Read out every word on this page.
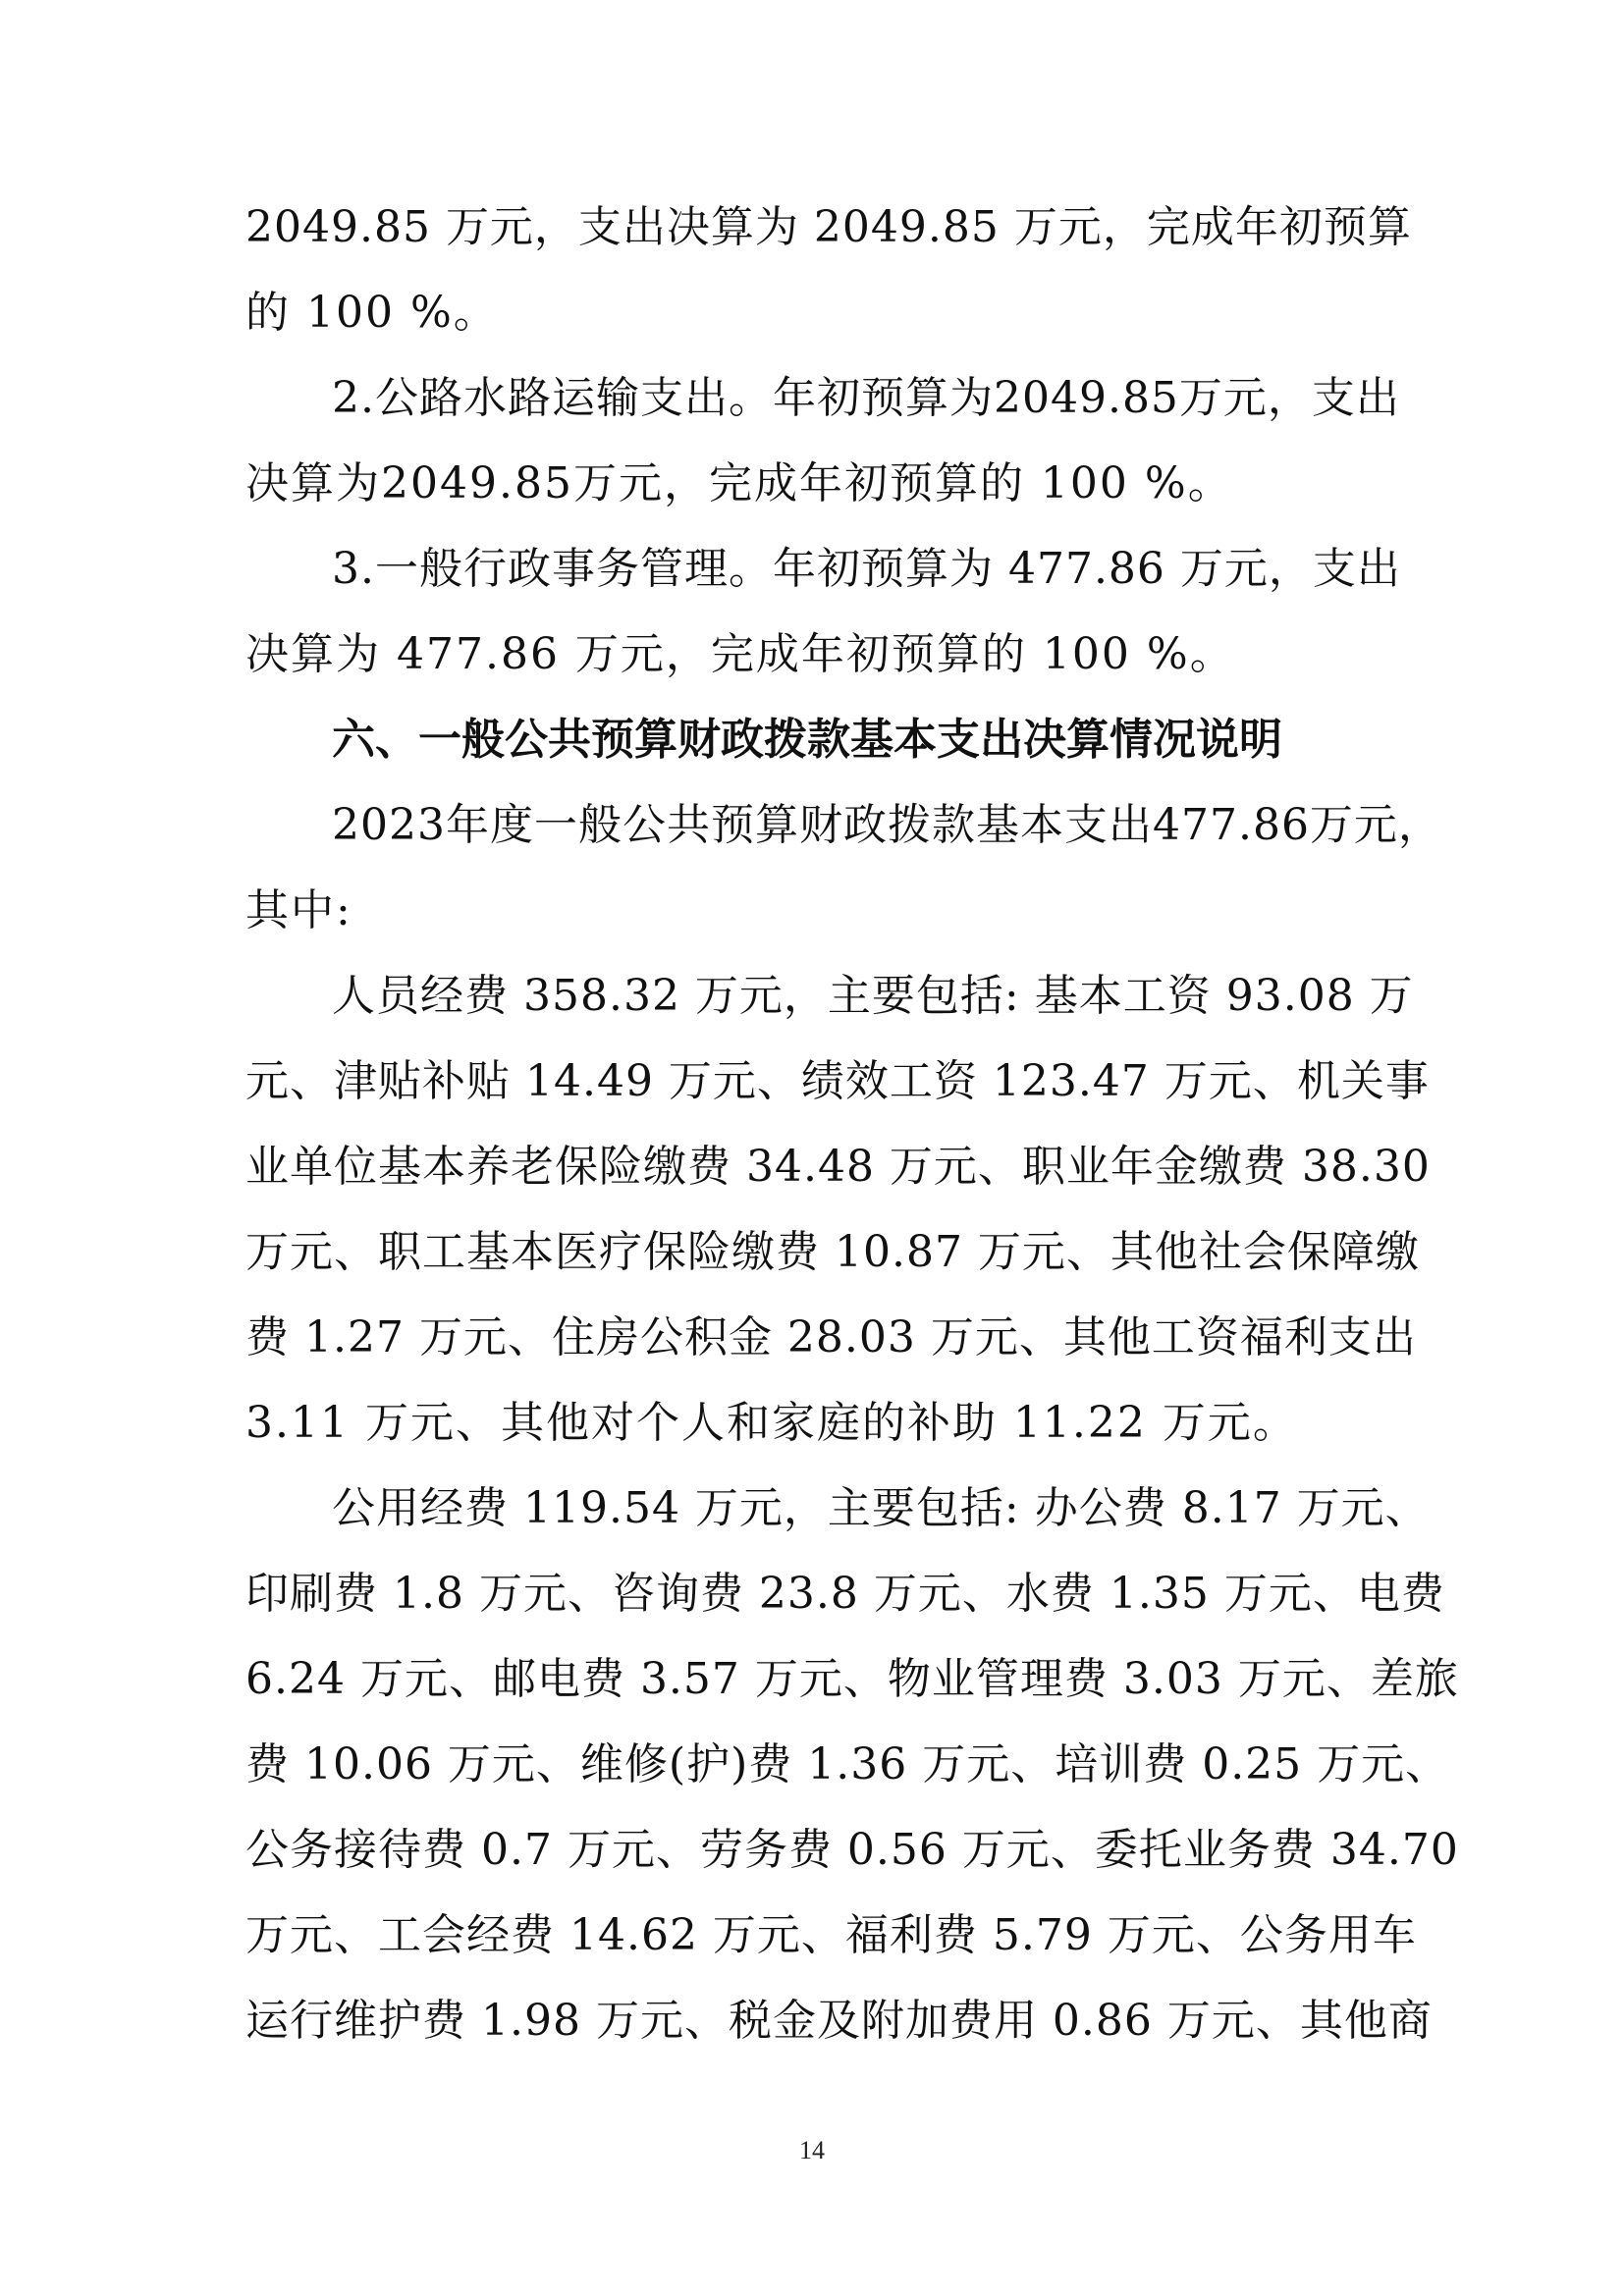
2049.85 万元，支出决算为 2049.85 万元，完成年初预算
的 100 %。
2.公路水路运输支出。年初预算为2049.85万元，支出
决算为2049.85万元，完成年初预算的 100 %。
3.一般行政事务管理。年初预算为 477.86 万元，支出
决算为 477.86 万元，完成年初预算的 100 %。
六、一般公共预算财政拨款基本支出决算情况说明
2023年度一般公共预算财政拨款基本支出477.86万元，
其中:
人员经费 358.32 万元，主要包括: 基本工资 93.08 万
元、津贴补贴 14.49 万元、绩效工资 123.47 万元、机关事
业单位基本养老保险缴费 34.48 万元、职业年金缴费 38.30
万元、职工基本医疗保险缴费 10.87 万元、其他社会保障缴
费 1.27 万元、住房公积金 28.03 万元、其他工资福利支出
3.11 万元、其他对个人和家庭的补助 11.22 万元。
公用经费 119.54 万元，主要包括: 办公费 8.17 万元、
印刷费 1.8 万元、咨询费 23.8 万元、水费 1.35 万元、电费
6.24 万元、邮电费 3.57 万元、物业管理费 3.03 万元、差旅
费 10.06 万元、维修(护)费 1.36 万元、培训费 0.25 万元、
公务接待费 0.7 万元、劳务费 0.56 万元、委托业务费 34.70
万元、工会经费 14.62 万元、福利费 5.79 万元、公务用车
运行维护费 1.98 万元、税金及附加费用 0.86 万元、其他商
14
